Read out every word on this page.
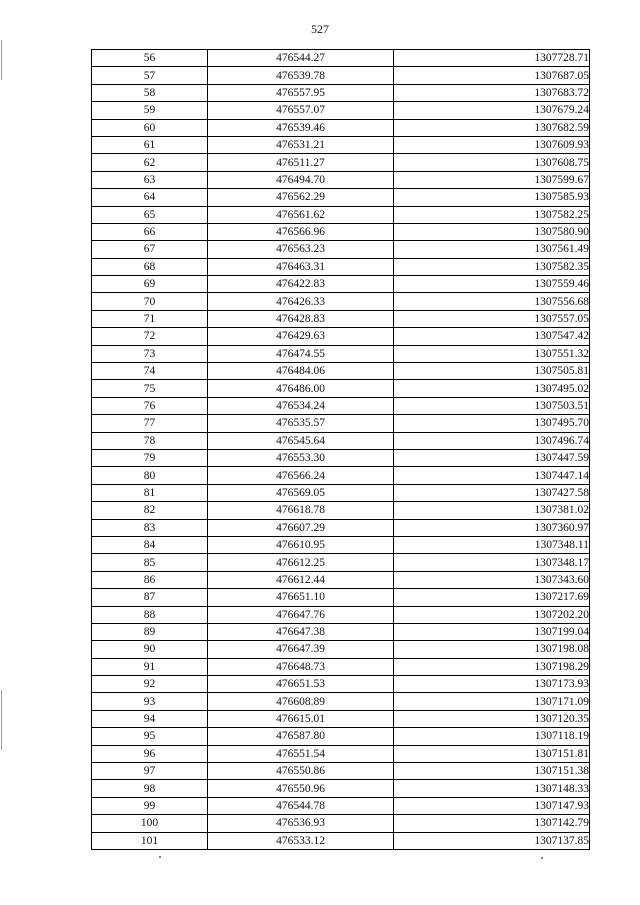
527
56	476544.27	1307728.71
57	476539.78	1307687.05
58	476557.95	1307683.72
59	476557.07	1307679.24
60	476539.46	1307682.59
61	476531.21	1307609.93
62	476511.27	1307608.75
63	476494.70	1307599.67
64	476562.29	1307585.93
65	476561.62	1307582.25
66	476566.96	1307580.90
67	476563.23	1307561.49
68	476463.31	1307582.35
69	476422.83	1307559.46
70	476426.33	1307556.68
71	476428.83	1307557.05
72	476429.63	1307547.42
73	476474.55	1307551.32
74	476484.06	1307505.81
75	476486.00	1307495.02
76	476534.24	1307503.51
77	476535.57	1307495.70
78	476545.64	1307496.74
79	476553.30	1307447.59
80	476566.24	1307447.14
81	476569.05	1307427.58
82	476618.78	1307381.02
83	476607.29	1307360.97
84	476610.95	1307348.11
85	476612.25	1307348.17
86	476612.44	1307343.60
87	476651.10	1307217.69
88	476647.76	1307202.20
89	476647.38	1307199.04
90	476647.39	1307198.08
91	476648.73	1307198.29
92	476651.53	1307173.93
93	476608.89	1307171.09
94	476615.01	1307120.35
95	476587.80	1307118.19
96	476551.54	1307151.81
97	476550.86	1307151.38
98	476550.96	1307148.33
99	476544.78	1307147.93
100	476536.93	1307142.79
101	476533.12	1307137.85
